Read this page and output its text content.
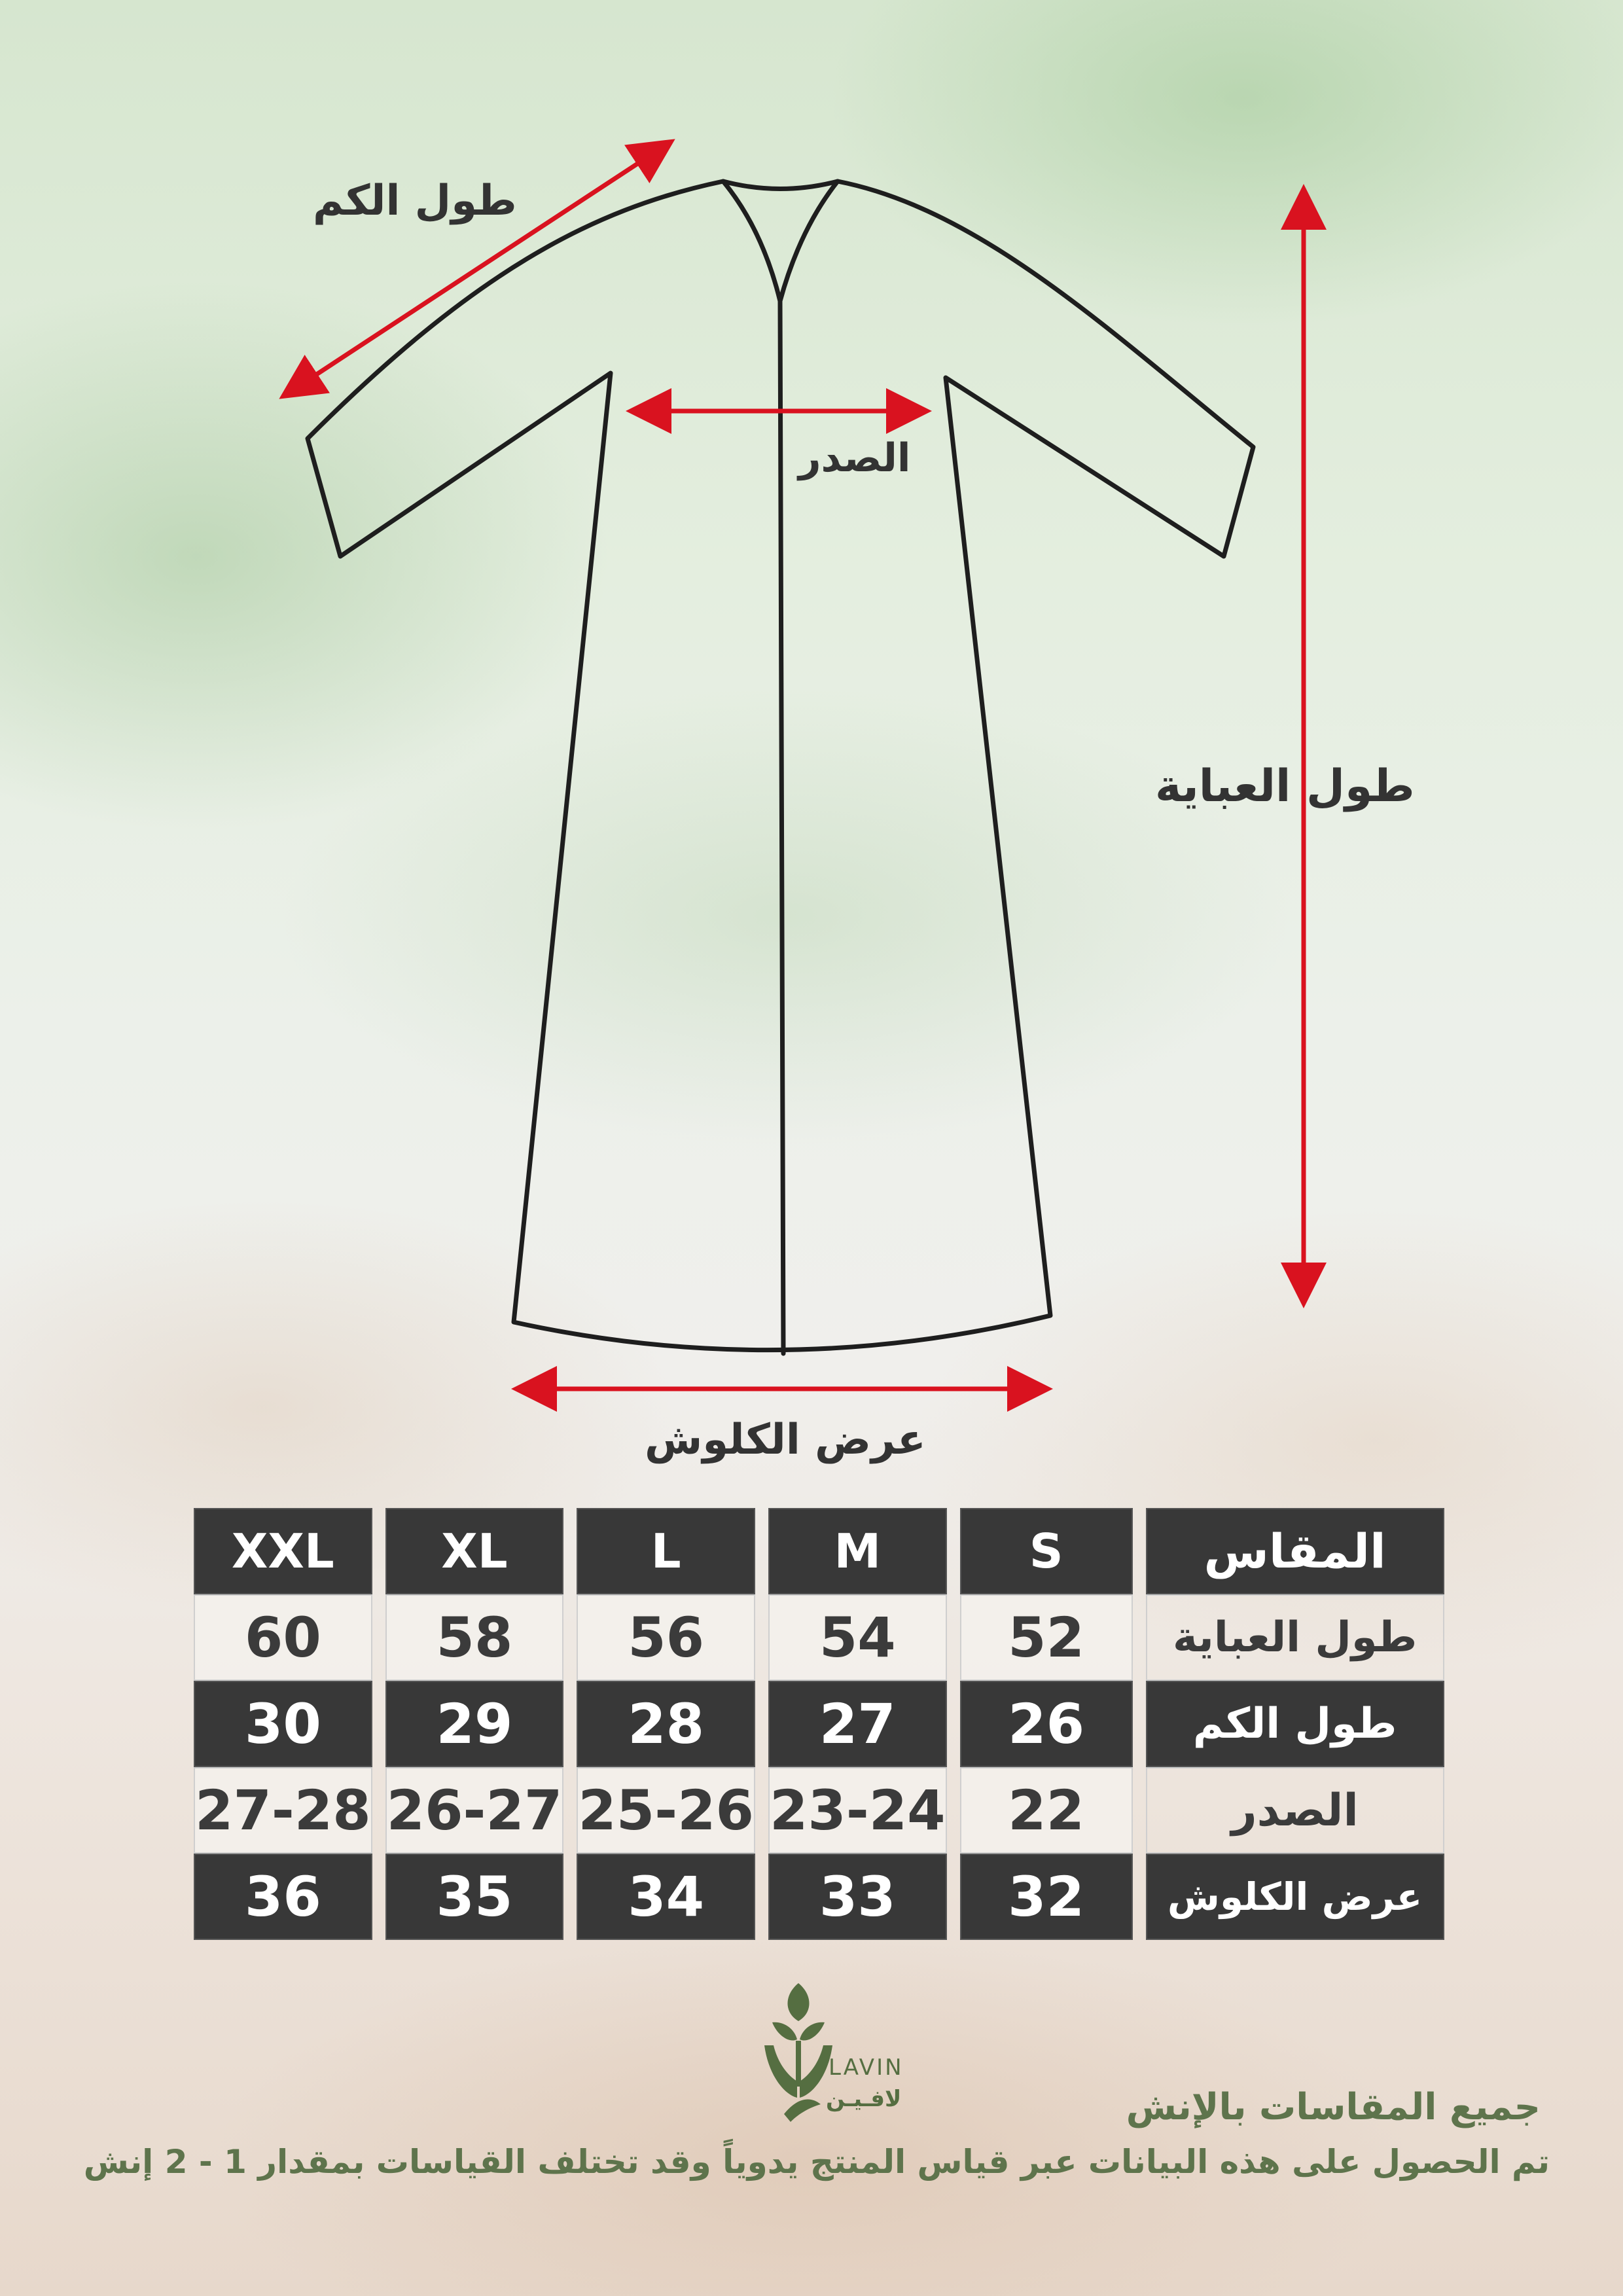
طول الكم
الصدر
طول العباية
عرض الكلوش
XXL	XL	L	M	S	المقاس
60	58	56	54	52	طول العباية
30	29	28	27	26	طول الكم
27-28	26-27	25-26	23-24	22	الصدر
36	35	34	33	32	عرض الكلوش
LAVIN
لافـيـن	جميع المقاسات بالإنش
تم الحصول على هذه البيانات عبر قياس المنتج يدوياً وقد تختلف القياسات بمقدار 1 - 2 إنش
